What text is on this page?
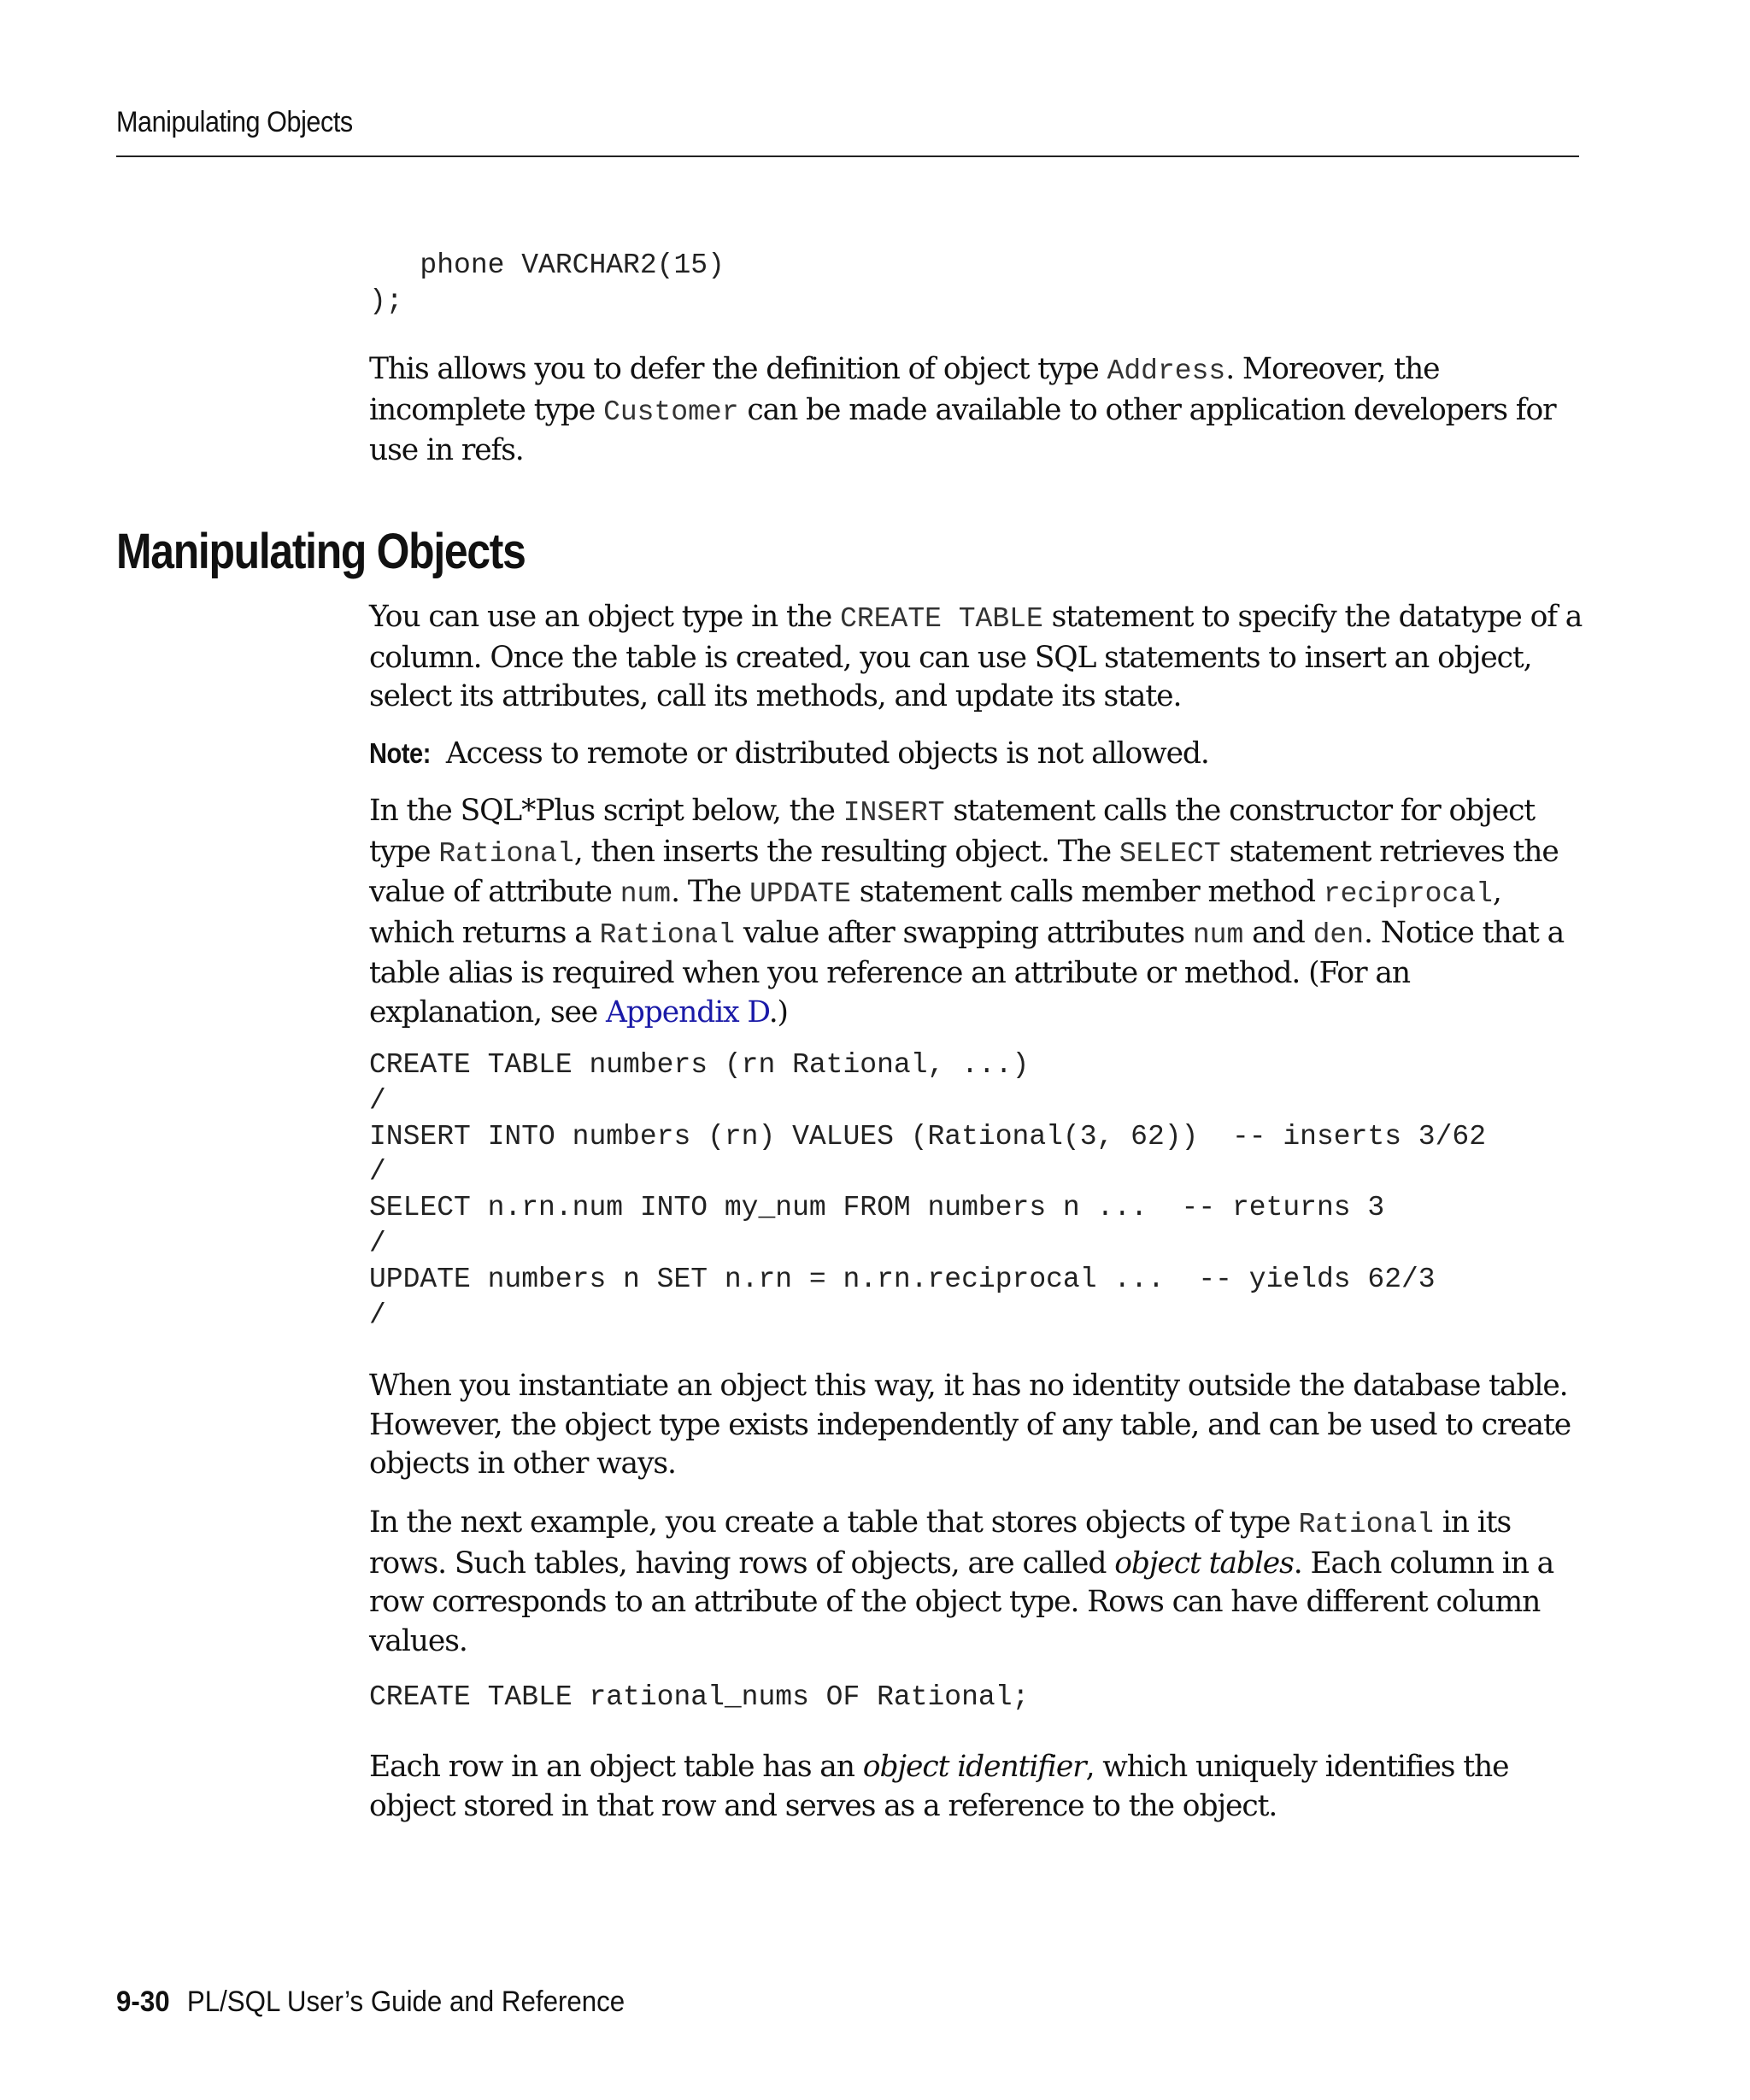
Manipulating Objects
phone VARCHAR2(15)
);

This allows you to defer the definition of object type Address. Moreover, the incomplete type Customer can be made available to other application developers for use in refs.

Manipulating Objects

You can use an object type in the CREATE TABLE statement to specify the datatype of a column. Once the table is created, you can use SQL statements to insert an object, select its attributes, call its methods, and update its state.

Note: Access to remote or distributed objects is not allowed.

In the SQL*Plus script below, the INSERT statement calls the constructor for object type Rational, then inserts the resulting object. The SELECT statement retrieves the value of attribute num. The UPDATE statement calls member method reciprocal, which returns a Rational value after swapping attributes num and den. Notice that a table alias is required when you reference an attribute or method. (For an explanation, see Appendix D.)

CREATE TABLE numbers (rn Rational, ...)
/
INSERT INTO numbers (rn) VALUES (Rational(3, 62))  -- inserts 3/62
/
SELECT n.rn.num INTO my_num FROM numbers n ...  -- returns 3
/
UPDATE numbers n SET n.rn = n.rn.reciprocal ...  -- yields 62/3
/

When you instantiate an object this way, it has no identity outside the database table. However, the object type exists independently of any table, and can be used to create objects in other ways.

In the next example, you create a table that stores objects of type Rational in its rows. Such tables, having rows of objects, are called object tables. Each column in a row corresponds to an attribute of the object type. Rows can have different column values.

CREATE TABLE rational_nums OF Rational;

Each row in an object table has an object identifier, which uniquely identifies the object stored in that row and serves as a reference to the object.

9-30 PL/SQL User’s Guide and Reference
